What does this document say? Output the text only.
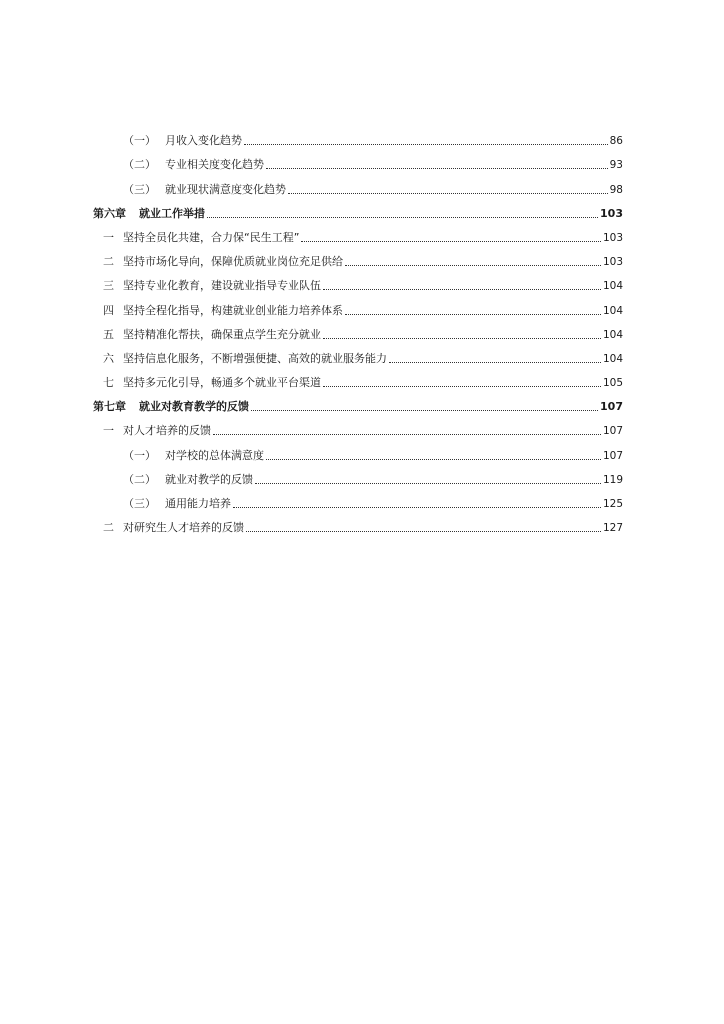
（一） 月收入变化趋势	86
（二） 专业相关度变化趋势	93
（三） 就业现状满意度变化趋势	98
第六章 就业工作举措	103
一 坚持全员化共建，合力保“民生工程”	103
二 坚持市场化导向，保障优质就业岗位充足供给	103
三 坚持专业化教育，建设就业指导专业队伍	104
四 坚持全程化指导，构建就业创业能力培养体系	104
五 坚持精准化帮扶，确保重点学生充分就业	104
六 坚持信息化服务，不断增强便捷、高效的就业服务能力	104
七 坚持多元化引导，畅通多个就业平台渠道	105
第七章 就业对教育教学的反馈	107
一 对人才培养的反馈	107
（一） 对学校的总体满意度	107
（二） 就业对教学的反馈	119
（三） 通用能力培养	125
二 对研究生人才培养的反馈	127
